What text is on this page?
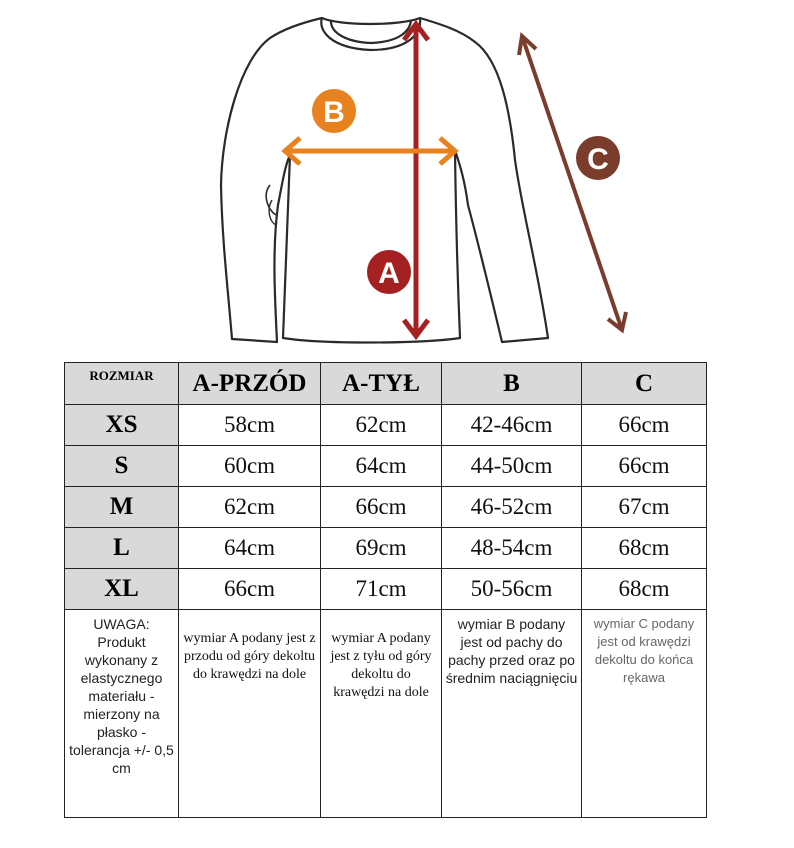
B
A
C
ROZMIAR	A-PRZÓD	A-TYŁ	B	C
XS	58cm	62cm	42-46cm	66cm
S	60cm	64cm	44-50cm	66cm
M	62cm	66cm	46-52cm	67cm
L	64cm	69cm	48-54cm	68cm
XL	66cm	71cm	50-56cm	68cm
UWAGA: Produkt wykonany z elastycznego materiału - mierzony na płasko - tolerancja +/- 0,5 cm	wymiar A podany jest z przodu od góry dekoltu do krawędzi na dole	wymiar A podany jest z tyłu od góry dekoltu do krawędzi na dole	wymiar B podany jest od pachy do pachy przed oraz po średnim naciągnięciu	wymiar C podany jest od krawędzi dekoltu do końca rękawa
